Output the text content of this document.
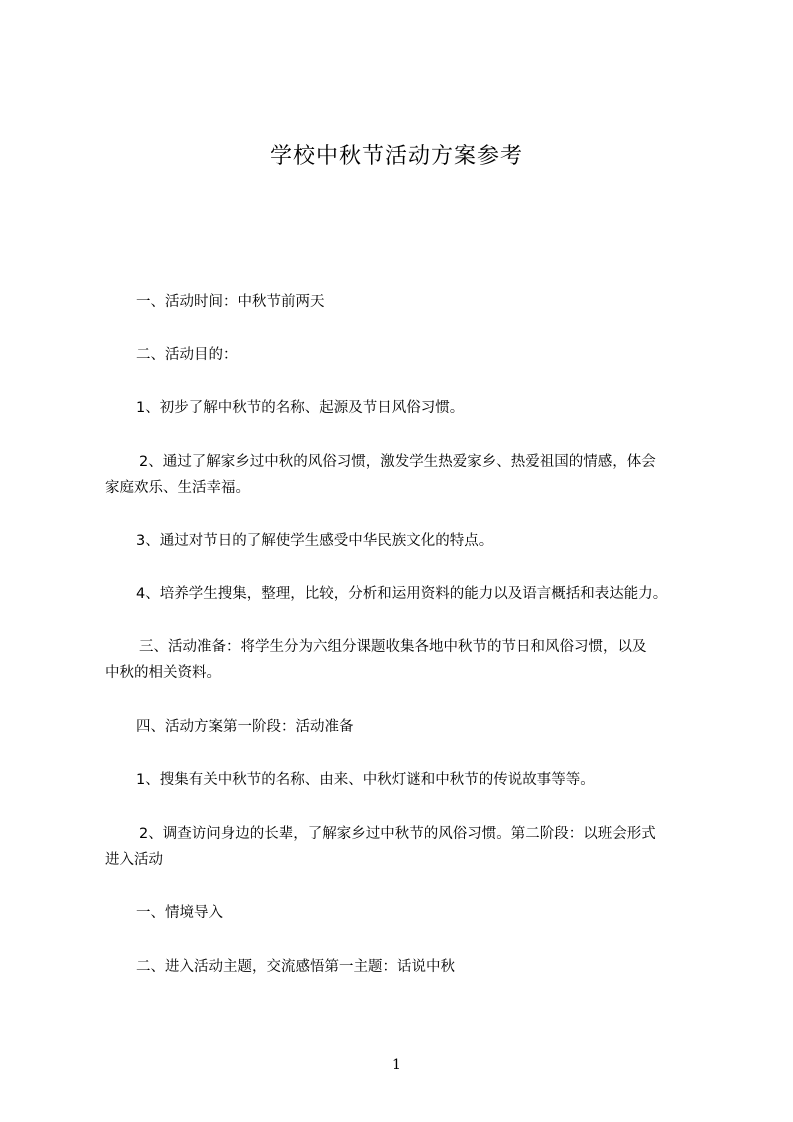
学校中秋节活动方案参考
一、活动时间：中秋节前两天
二、活动目的：
1、初步了解中秋节的名称、起源及节日风俗习惯。
2、通过了解家乡过中秋的风俗习惯，激发学生热爱家乡、热爱祖国的情感，体会
家庭欢乐、生活幸福。
3、通过对节日的了解使学生感受中华民族文化的特点。
4、培养学生搜集，整理，比较，分析和运用资料的能力以及语言概括和表达能力。
三、活动准备：将学生分为六组分课题收集各地中秋节的节日和风俗习惯，以及
中秋的相关资料。
四、活动方案第一阶段：活动准备
1、搜集有关中秋节的名称、由来、中秋灯谜和中秋节的传说故事等等。
2、调查访问身边的长辈，了解家乡过中秋节的风俗习惯。第二阶段：以班会形式
进入活动
一、情境导入
二、进入活动主题，交流感悟第一主题：话说中秋
1
